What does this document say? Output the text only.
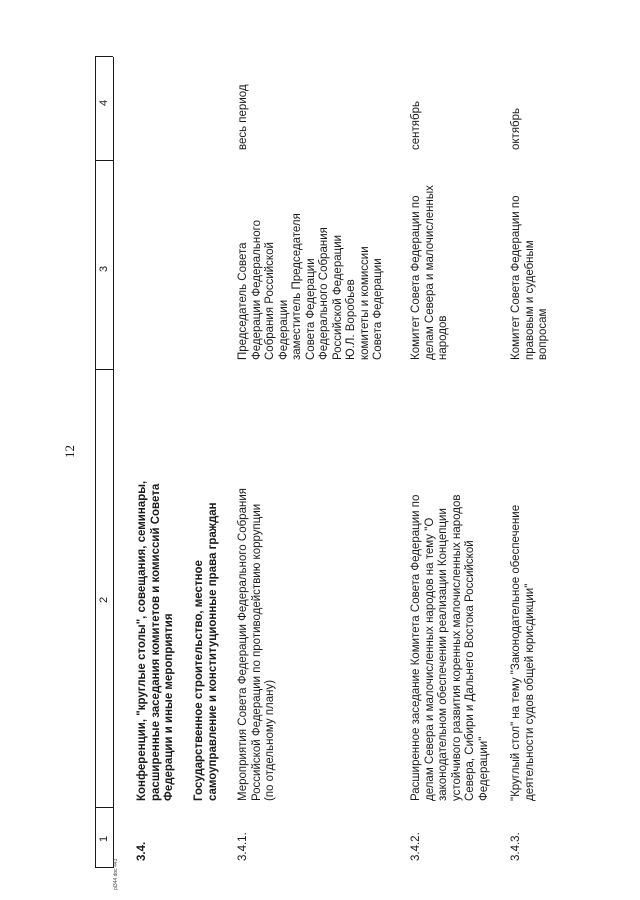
12
1
2
3
4
3.4.
Конференции, "круглые столы", совещания, семинары,
расширенные заседания комитетов и комиссий Совета
Федерации и иные мероприятия
Государственное строительство, местное
самоуправление и конституционные права граждан
3.4.1.
Мероприятия Совета Федерации Федерального Собрания
Российской Федерации по противодействию коррупции
(по отдельному плану)
Председатель Совета
Федерации Федерального
Собрания Российской
Федерации
заместитель Председателя
Совета Федерации
Федерального Собрания
Российской Федерации
Ю.Л. Воробьев
комитеты и комиссии
Совета Федерации
весь период
3.4.2.
Расширенное заседание Комитета Совета Федерации по
делам Севера и малочисленных народов на тему "О
законодательном обеспечении реализации Концепции
устойчивого развития коренных малочисленных народов
Севера, Сибири и Дальнего Востока Российской
Федерации"
Комитет Совета Федерации по
делам Севера и малочисленных
народов
сентябрь
3.4.3.
"Круглый стол" на тему "Законодательное обеспечение
деятельности судов общей юрисдикции"
Комитет Совета Федерации по
правовым и судебным
вопросам
октябрь
pl344.doc 443
